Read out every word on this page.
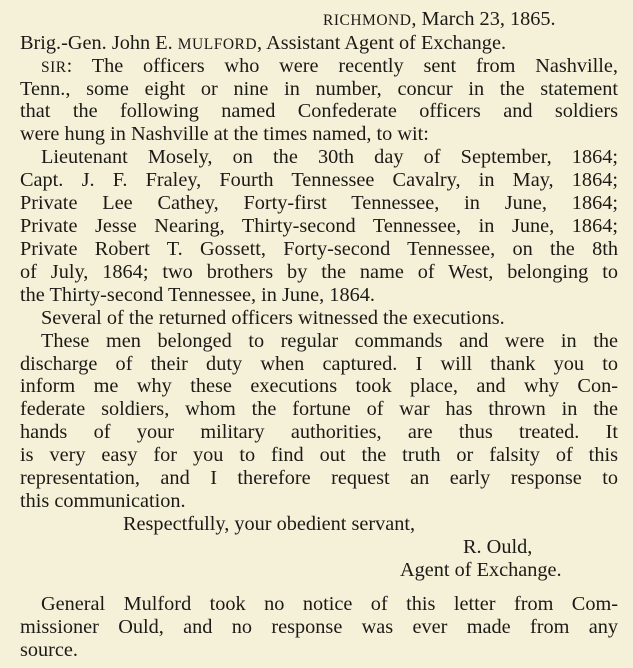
RICHMOND, March 23, 1865.
Brig.-Gen. John E. MULFORD, Assistant Agent of Exchange.
SIR: The officers who were recently sent from Nashville,
Tenn., some eight or nine in number, concur in the statement
that the following named Confederate officers and soldiers
were hung in Nashville at the times named, to wit:
Lieutenant Mosely, on the 30th day of September, 1864;
Capt. J. F. Fraley, Fourth Tennessee Cavalry, in May, 1864;
Private Lee Cathey, Forty-first Tennessee, in June, 1864;
Private Jesse Nearing, Thirty-second Tennessee, in June, 1864;
Private Robert T. Gossett, Forty-second Tennessee, on the 8th
of July, 1864; two brothers by the name of West, belonging to
the Thirty-second Tennessee, in June, 1864.
Several of the returned officers witnessed the executions.
These men belonged to regular commands and were in the
discharge of their duty when captured. I will thank you to
inform me why these executions took place, and why Con-
federate soldiers, whom the fortune of war has thrown in the
hands of your military authorities, are thus treated. It
is very easy for you to find out the truth or falsity of this
representation, and I therefore request an early response to
this communication.
Respectfully, your obedient servant,
R. Ould,
Agent of Exchange.
General Mulford took no notice of this letter from Com-
missioner Ould, and no response was ever made from any
source.
